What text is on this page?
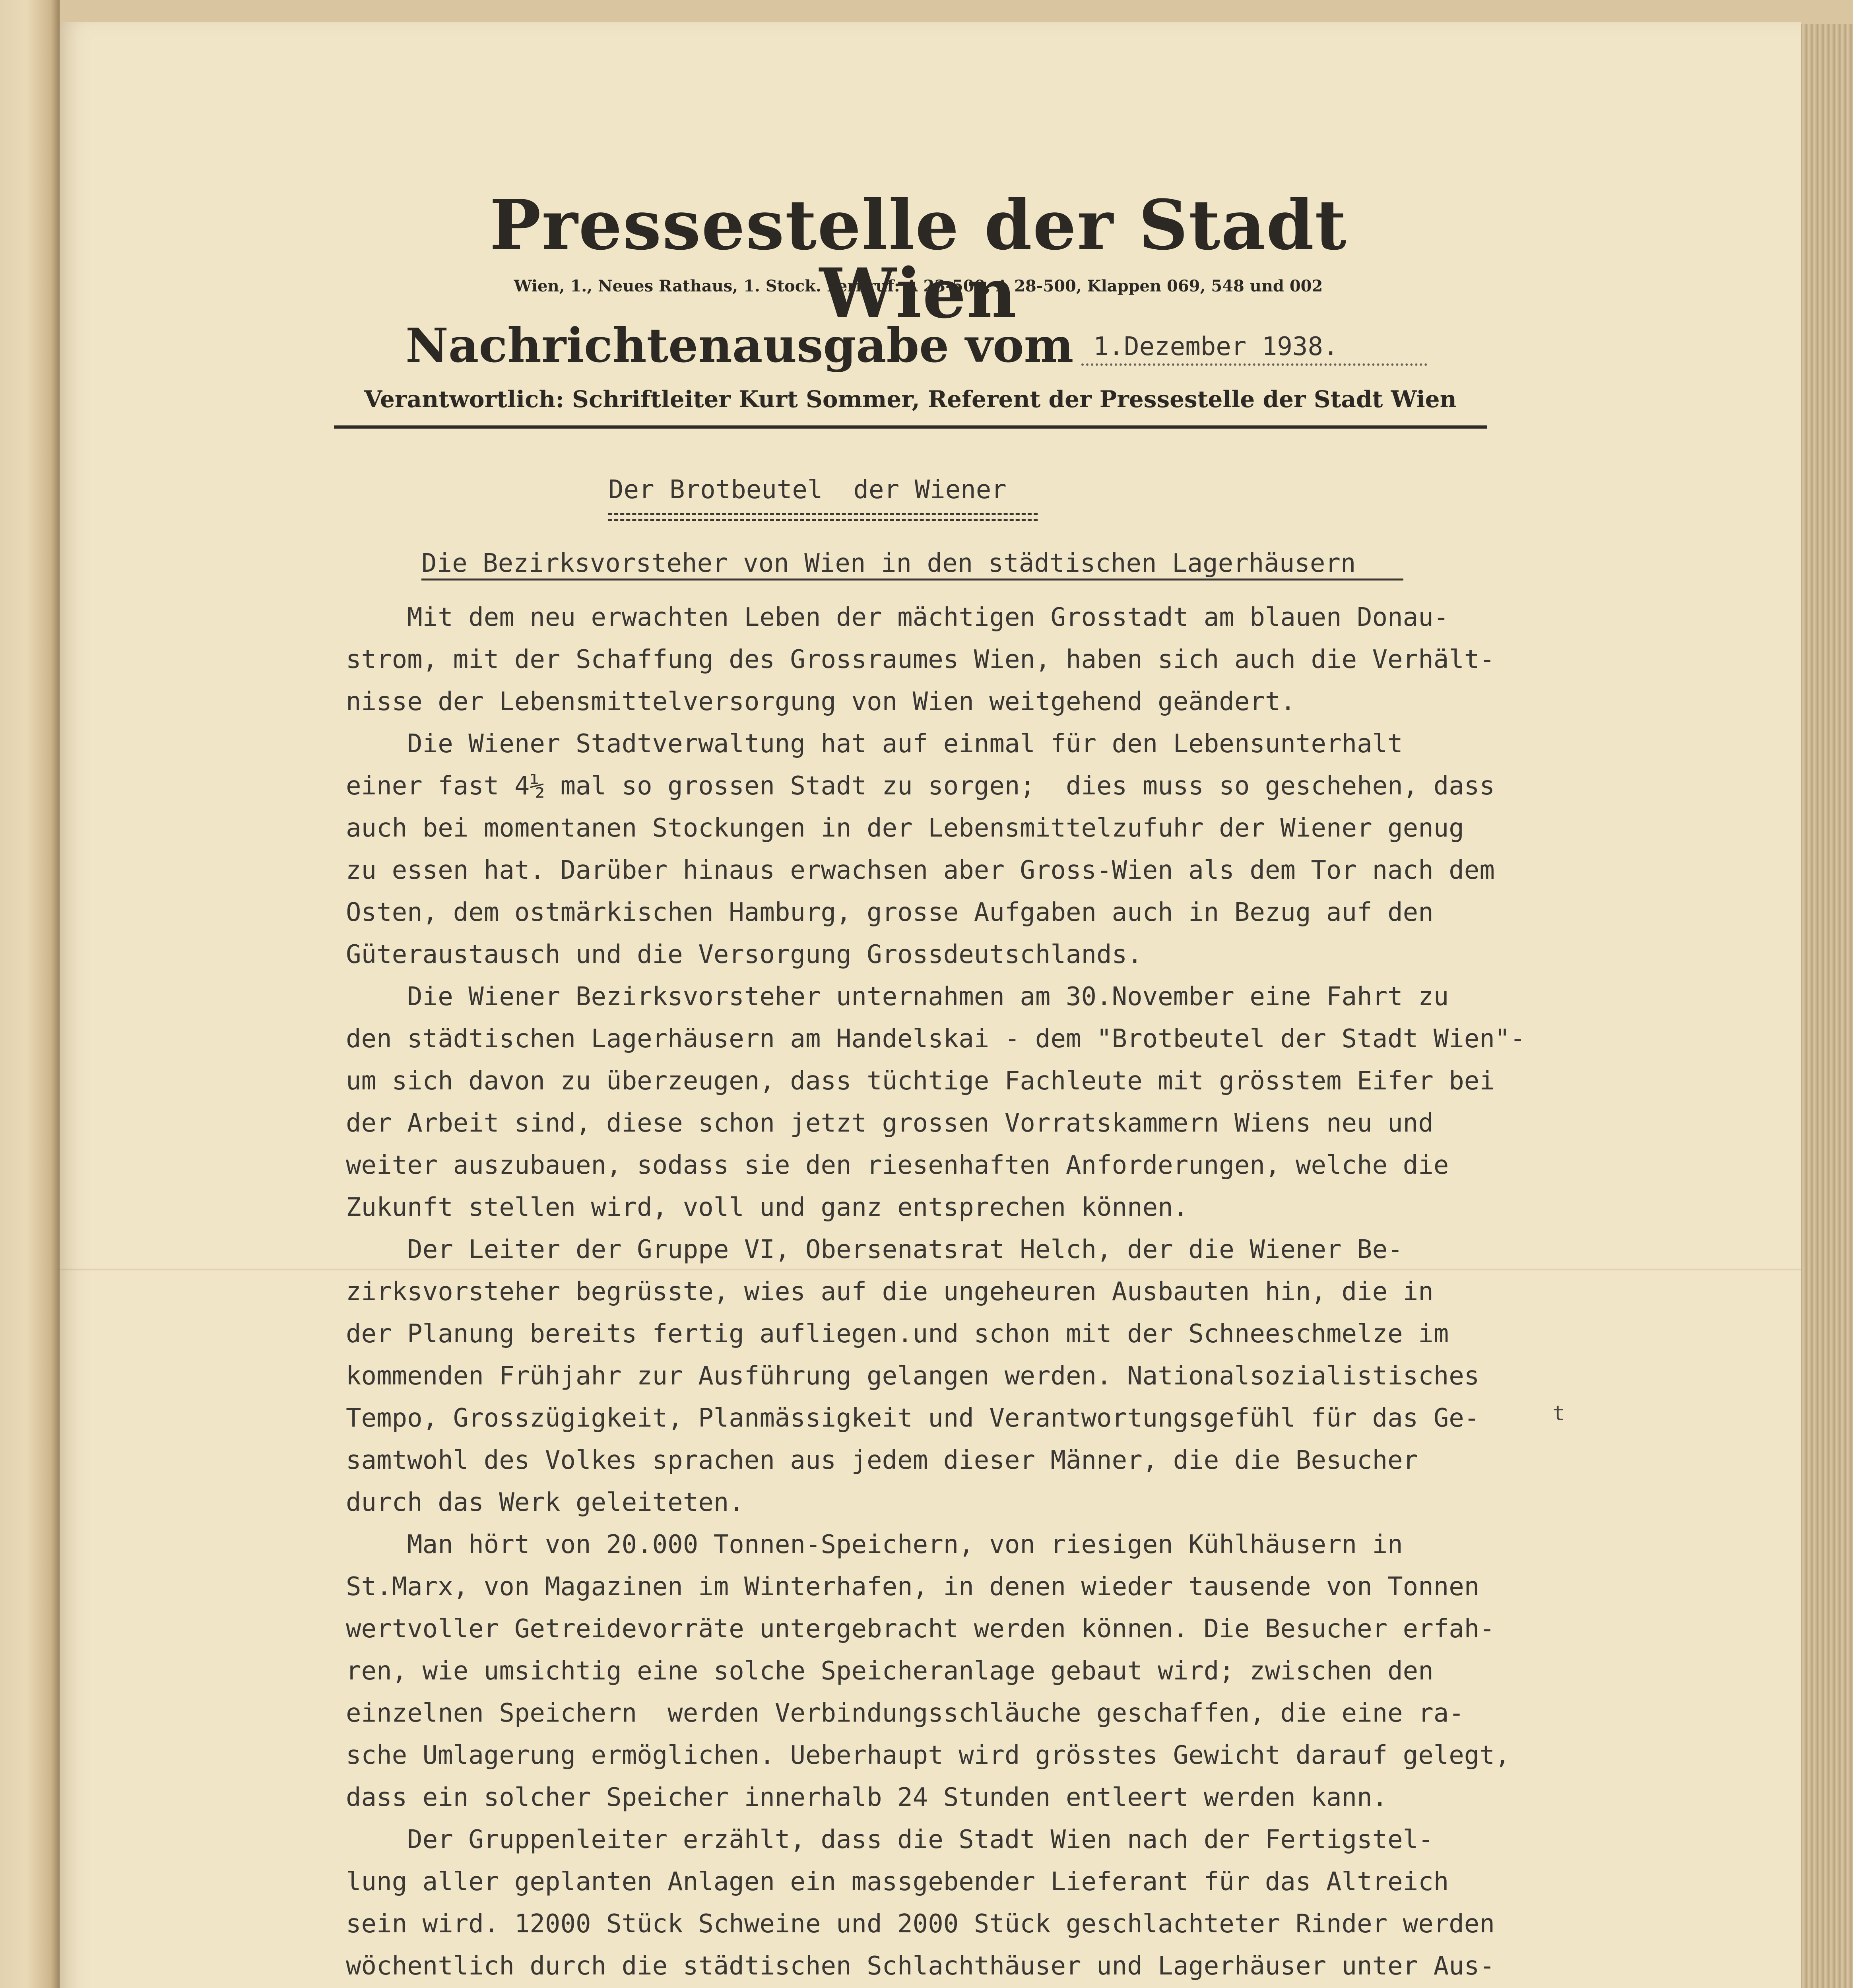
Pressestelle der Stadt Wien
Wien, 1., Neues Rathaus, 1. Stock. Fernruf: A 23-500, A 28-500, Klappen 069, 548 und 002
Nachrichtenausgabe vom 1.Dezember 1938.
Verantwortlich: Schriftleiter Kurt Sommer, Referent der Pressestelle der Stadt Wien
Der Brotbeutel  der Wiener
Die Bezirksvorsteher von Wien in den städtischen Lagerhäusern
Mit dem neu erwachten Leben der mächtigen Grosstadt am blauen Donau-
strom, mit der Schaffung des Grossraumes Wien, haben sich auch die Verhält-
nisse der Lebensmittelversorgung von Wien weitgehend geändert.
Die Wiener Stadtverwaltung hat auf einmal für den Lebensunterhalt
einer fast 4½ mal so grossen Stadt zu sorgen;  dies muss so geschehen, dass
auch bei momentanen Stockungen in der Lebensmittelzufuhr der Wiener genug
zu essen hat. Darüber hinaus erwachsen aber Gross-Wien als dem Tor nach dem
Osten, dem ostmärkischen Hamburg, grosse Aufgaben auch in Bezug auf den
Güteraustausch und die Versorgung Grossdeutschlands.
Die Wiener Bezirksvorsteher unternahmen am 30.November eine Fahrt zu
den städtischen Lagerhäusern am Handelskai - dem "Brotbeutel der Stadt Wien"-
um sich davon zu überzeugen, dass tüchtige Fachleute mit grösstem Eifer bei
der Arbeit sind, diese schon jetzt grossen Vorratskammern Wiens neu und
weiter auszubauen, sodass sie den riesenhaften Anforderungen, welche die
Zukunft stellen wird, voll und ganz entsprechen können.
Der Leiter der Gruppe VI, Obersenatsrat Helch, der die Wiener Be-
zirksvorsteher begrüsste, wies auf die ungeheuren Ausbauten hin, die in
der Planung bereits fertig aufliegen.und schon mit der Schneeschmelze im
kommenden Frühjahr zur Ausführung gelangen werden. Nationalsozialistisches
Tempo, Grosszügigkeit, Planmässigkeit und Verantwortungsgefühl für das Ge-
samtwohl des Volkes sprachen aus jedem dieser Männer, die die Besucher
durch das Werk geleiteten.
Man hört von 20.000 Tonnen-Speichern, von riesigen Kühlhäusern in
St.Marx, von Magazinen im Winterhafen, in denen wieder tausende von Tonnen
wertvoller Getreidevorräte untergebracht werden können. Die Besucher erfah-
ren, wie umsichtig eine solche Speicheranlage gebaut wird; zwischen den
einzelnen Speichern  werden Verbindungsschläuche geschaffen, die eine ra-
sche Umlagerung ermöglichen. Ueberhaupt wird grösstes Gewicht darauf gelegt,
dass ein solcher Speicher innerhalb 24 Stunden entleert werden kann.
Der Gruppenleiter erzählt, dass die Stadt Wien nach der Fertigstel-
lung aller geplanten Anlagen ein massgebender Lieferant für das Altreich
sein wird. 12000 Stück Schweine und 2000 Stück geschlachteter Rinder werden
wöchentlich durch die städtischen Schlachthäuser und Lagerhäuser unter Aus-
t
